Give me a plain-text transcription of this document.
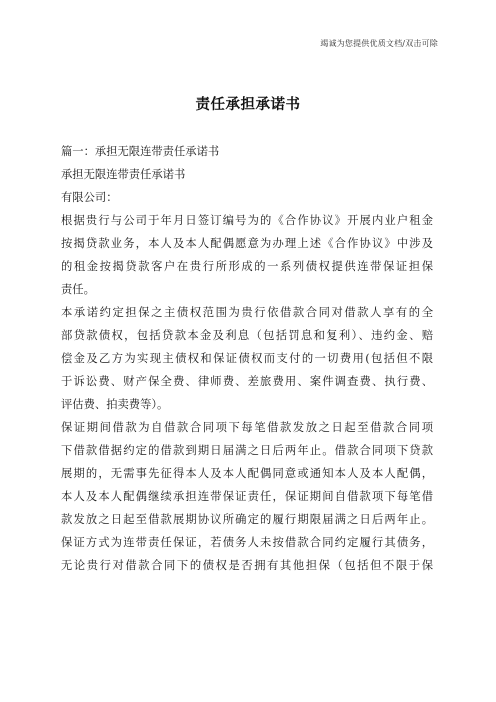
竭诚为您提供优质文档/双击可除
责任承担承诺书
篇一：承担无限连带责任承诺书
承担无限连带责任承诺书
有限公司：
根据贵行与公司于年月日签订编号为的《合作协议》开展内业户租金
按揭贷款业务，本人及本人配偶愿意为办理上述《合作协议》中涉及
的租金按揭贷款客户在贵行所形成的一系列债权提供连带保证担保
责任。
本承诺约定担保之主债权范围为贵行依借款合同对借款人享有的全
部贷款债权，包括贷款本金及利息（包括罚息和复利）、违约金、赔
偿金及乙方为实现主债权和保证债权而支付的一切费用(包括但不限
于诉讼费、财产保全费、律师费、差旅费用、案件调查费、执行费、
评估费、拍卖费等）。
保证期间借款为自借款合同项下每笔借款发放之日起至借款合同项
下借款借据约定的借款到期日届满之日后两年止。借款合同项下贷款
展期的，无需事先征得本人及本人配偶同意或通知本人及本人配偶，
本人及本人配偶继续承担连带保证责任，保证期间自借款项下每笔借
款发放之日起至借款展期协议所确定的履行期限届满之日后两年止。
保证方式为连带责任保证，若债务人未按借款合同约定履行其债务，
无论贵行对借款合同下的债权是否拥有其他担保（包括但不限于保
